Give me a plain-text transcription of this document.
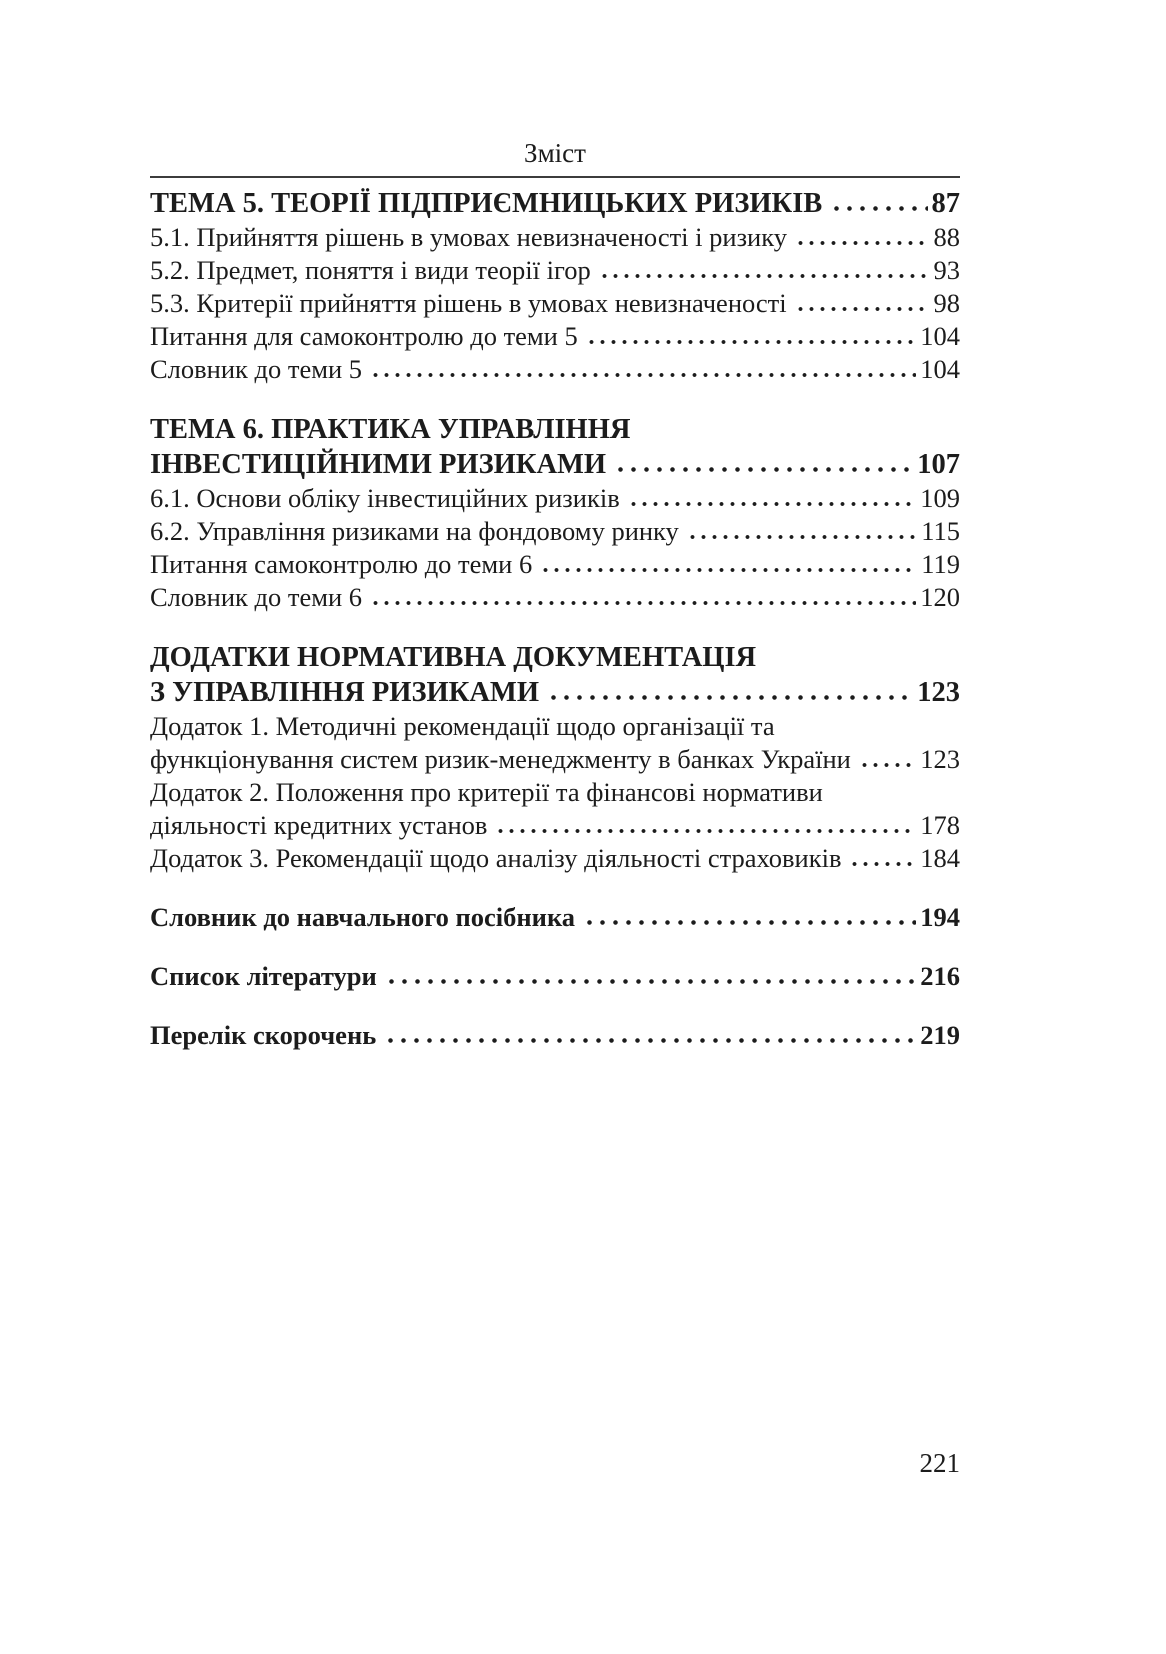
Зміст
ТЕМА 5. ТЕОРІЇ ПІДПРИЄМНИЦЬКИХ РИЗИКІВ	87
5.1. Прийняття рішень в умовах невизначеності і ризику	88
5.2. Предмет, поняття і види теорії ігор	93
5.3. Критерії прийняття рішень в умовах невизначеності	98
Питання для самоконтролю до теми 5	104
Словник до теми 5	104
ТЕМА 6. ПРАКТИКА УПРАВЛІННЯ
ІНВЕСТИЦІЙНИМИ РИЗИКАМИ	107
6.1. Основи обліку інвестиційних ризиків	109
6.2. Управління ризиками на фондовому ринку	115
Питання самоконтролю до теми 6	119
Словник до теми 6	120
ДОДАТКИ НОРМАТИВНА ДОКУМЕНТАЦІЯ
З УПРАВЛІННЯ РИЗИКАМИ	123
Додаток 1. Методичні рекомендації щодо організації та
функціонування систем ризик-менеджменту в банках України	123
Додаток 2. Положення про критерії та фінансові нормативи
діяльності кредитних установ	178
Додаток 3. Рекомендації щодо аналізу діяльності страховиків	184
Словник до навчального посібника	194
Список літератури	216
Перелік скорочень	219
221
